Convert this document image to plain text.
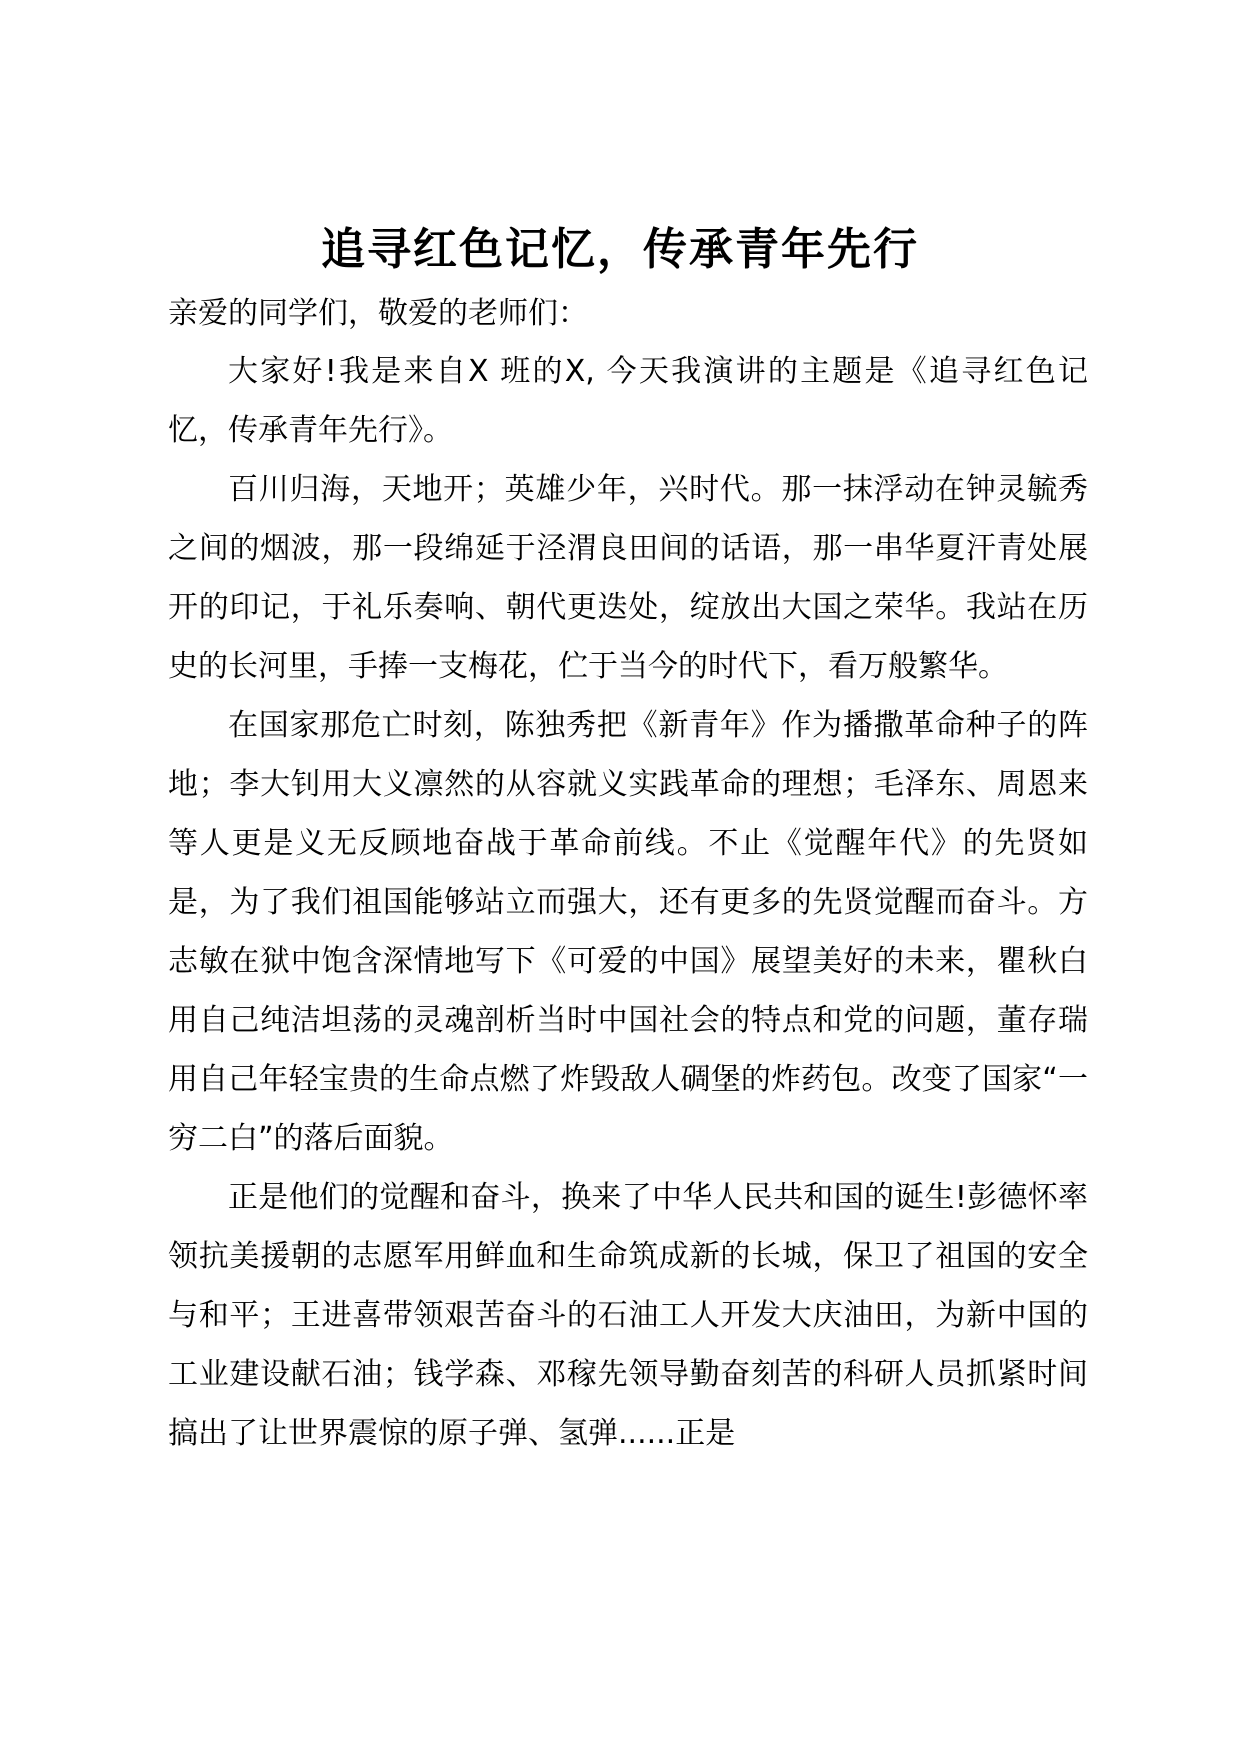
追寻红色记忆，传承青年先行

亲爱的同学们，敬爱的老师们：

大家好!我是来自X 班的X, 今天我演讲的主题是《追寻红色记忆，传承青年先行》。

百川归海，天地开；英雄少年，兴时代。那一抹浮动在钟灵毓秀之间的烟波，那一段绵延于泾渭良田间的话语，那一串华夏汗青处展开的印记，于礼乐奏响、朝代更迭处，绽放出大国之荣华。我站在历史的长河里，手捧一支梅花，伫于当今的时代下，看万般繁华。

在国家那危亡时刻，陈独秀把《新青年》作为播撒革命种子的阵地；李大钊用大义凛然的从容就义实践革命的理想；毛泽东、周恩来等人更是义无反顾地奋战于革命前线。不止《觉醒年代》的先贤如是，为了我们祖国能够站立而强大，还有更多的先贤觉醒而奋斗。方志敏在狱中饱含深情地写下《可爱的中国》展望美好的未来，瞿秋白用自己纯洁坦荡的灵魂剖析当时中国社会的特点和党的问题，董存瑞用自己年轻宝贵的生命点燃了炸毁敌人碉堡的炸药包。改变了国家“一穷二白”的落后面貌。

正是他们的觉醒和奋斗，换来了中华人民共和国的诞生!彭德怀率领抗美援朝的志愿军用鲜血和生命筑成新的长城，保卫了祖国的安全与和平；王进喜带领艰苦奋斗的石油工人开发大庆油田，为新中国的工业建设献石油；钱学森、邓稼先领导勤奋刻苦的科研人员抓紧时间搞出了让世界震惊的原子弹、氢弹......正是
